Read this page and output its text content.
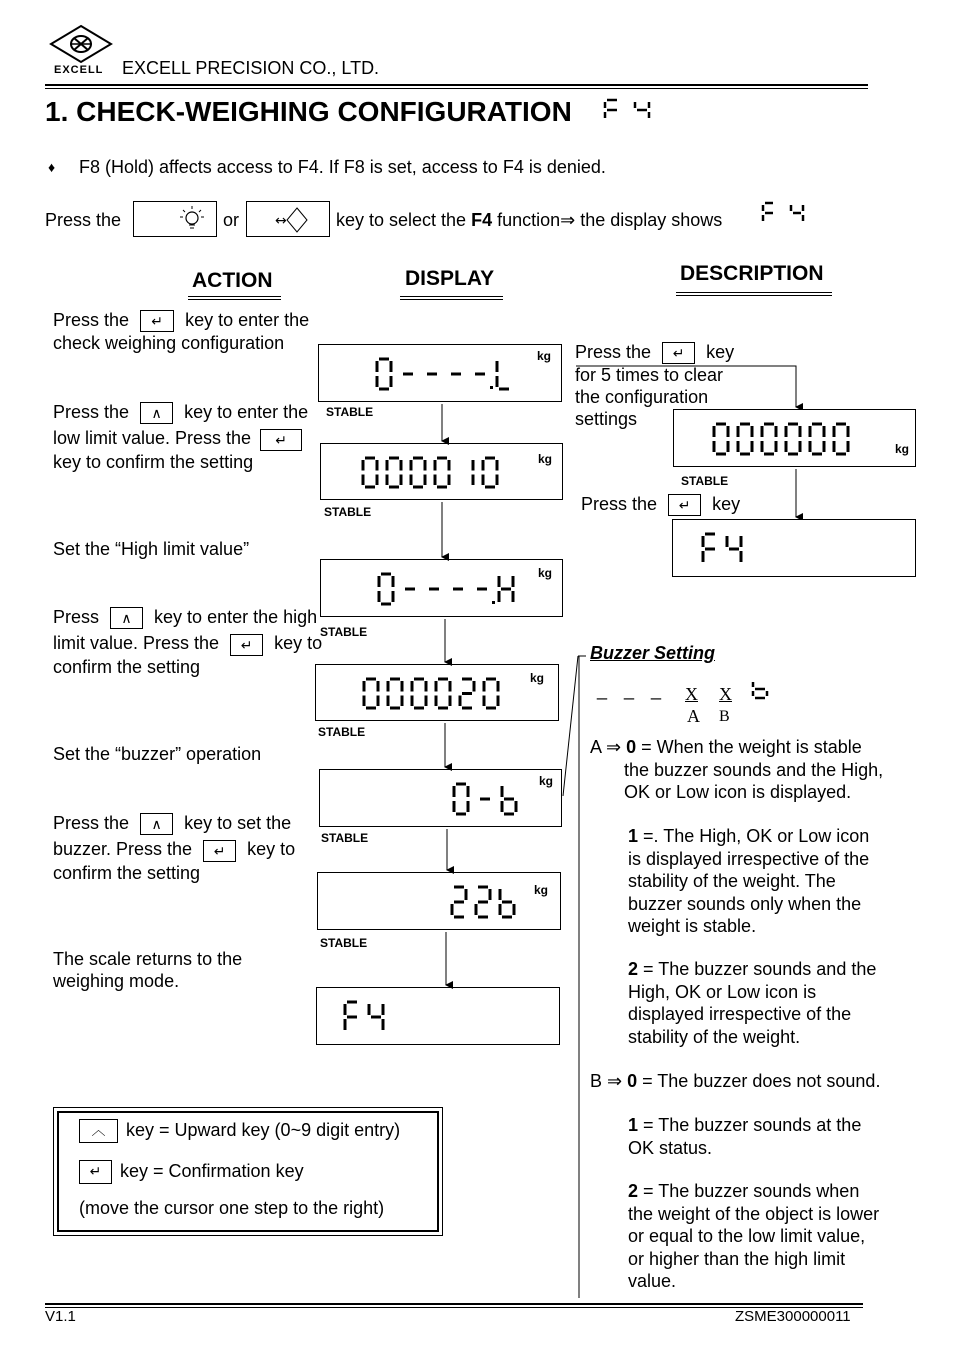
EXCELL EXCELL PRECISION CO., LTD.
1. CHECK-WEIGHING CONFIGURATION
♦ F8 (Hold) affects access to F4. If F8 is set, access to F4 is denied.
Press the	or	↔	key to select the F4 function⇒ the display shows
ACTION	DISPLAY	DESCRIPTION
Press the ↵ key to enter the
check weighing configuration
Press the ∧ key to enter the
low limit value. Press the ↵
key to confirm the setting
Set the “High limit value”
Press ∧ key to enter the high
limit value. Press the ↵ key to
confirm the setting
Set the “buzzer” operation
Press the ∧ key to set the
buzzer. Press the ↵ key to
confirm the setting
The scale returns to the
weighing mode.
kg
STABLE
kg
STABLE
kg
STABLE
kg
STABLE
kg
STABLE
kg
STABLE
Press the ↵ key
for 5 times to clear
the configuration
settings
kg
STABLE
Press the ↵ key
Buzzer Setting
_ _ _ X
A
X
B
A ⇒ 0 = When the weight is stable
the buzzer sounds and the High,
OK or Low icon is displayed.
1 =. The High, OK or Low icon
is displayed irrespective of the
stability of the weight. The
buzzer sounds only when the
weight is stable.
2 = The buzzer sounds and the
High, OK or Low icon is
displayed irrespective of the
stability of the weight.
B ⇒ 0 = The buzzer does not sound.
1 = The buzzer sounds at the
OK status.
2 = The buzzer sounds when
the weight of the object is lower
or equal to the low limit value,
or higher than the high limit
value.
︿ key = Upward key (0~9 digit entry)
↵ key = Confirmation key
(move the cursor one step to the right)
V1.1	ZSME300000011
